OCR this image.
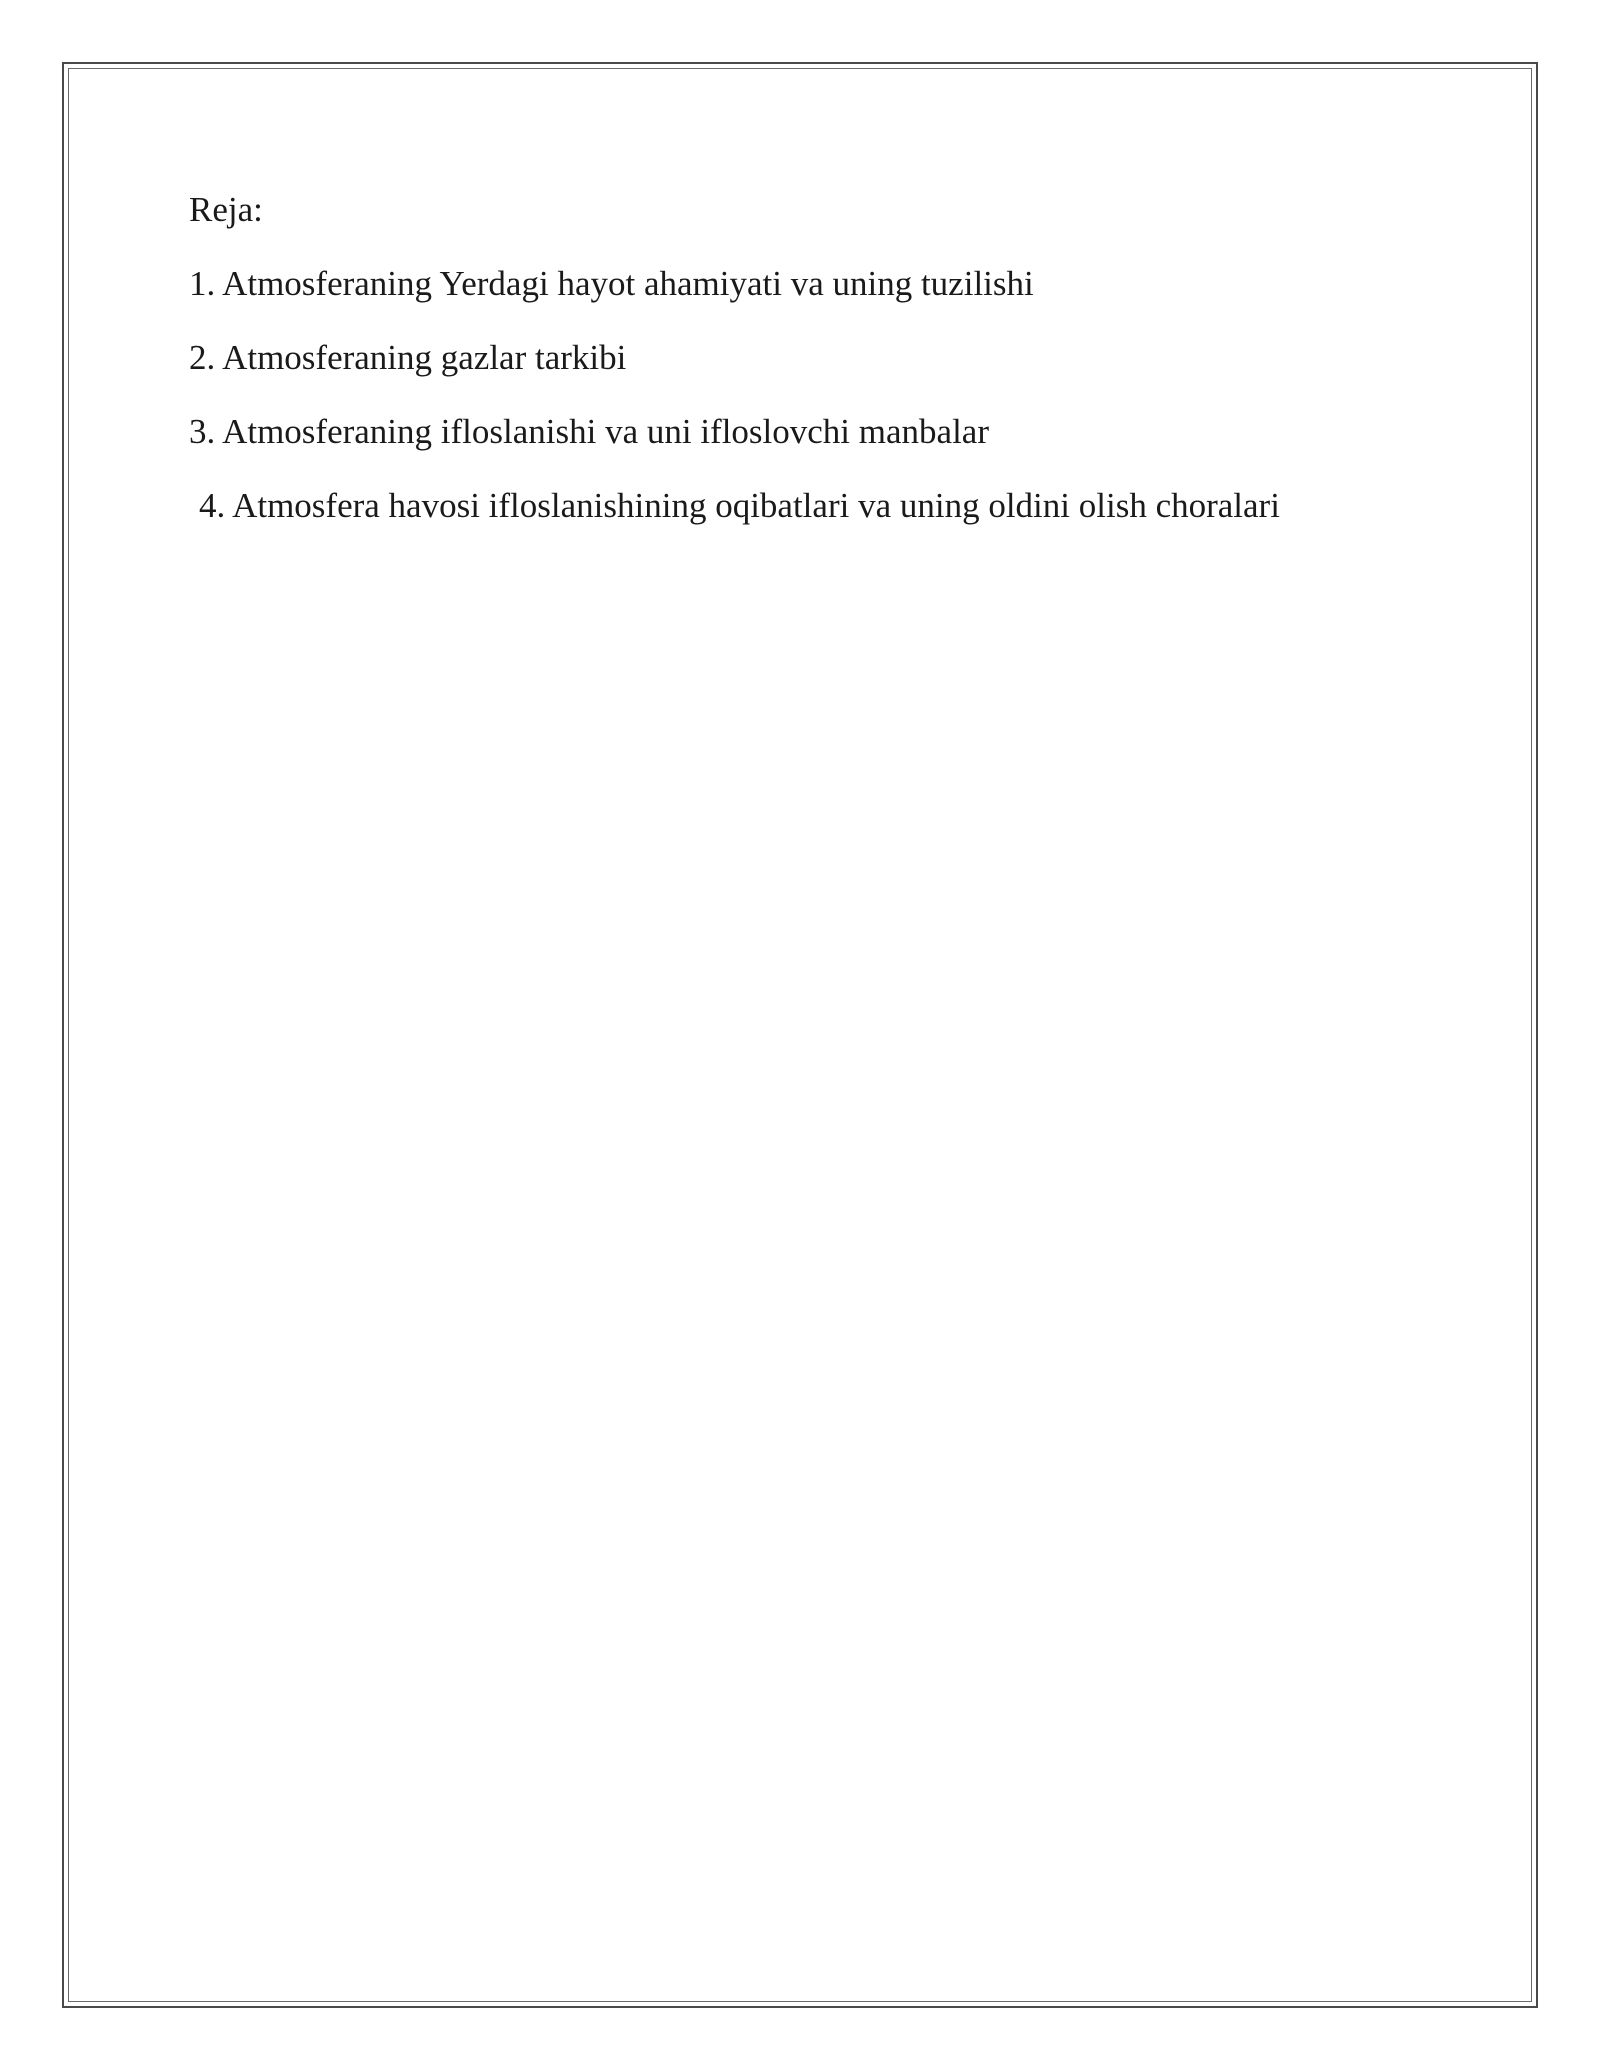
Reja:

1. Atmosferaning Yerdagi hayot ahamiyati va uning tuzilishi
2. Atmosferaning gazlar tarkibi
3. Atmosferaning ifloslanishi va uni ifloslovchi manbalar
4. Atmosfera havosi ifloslanishining oqibatlari va uning oldini olish choralari
